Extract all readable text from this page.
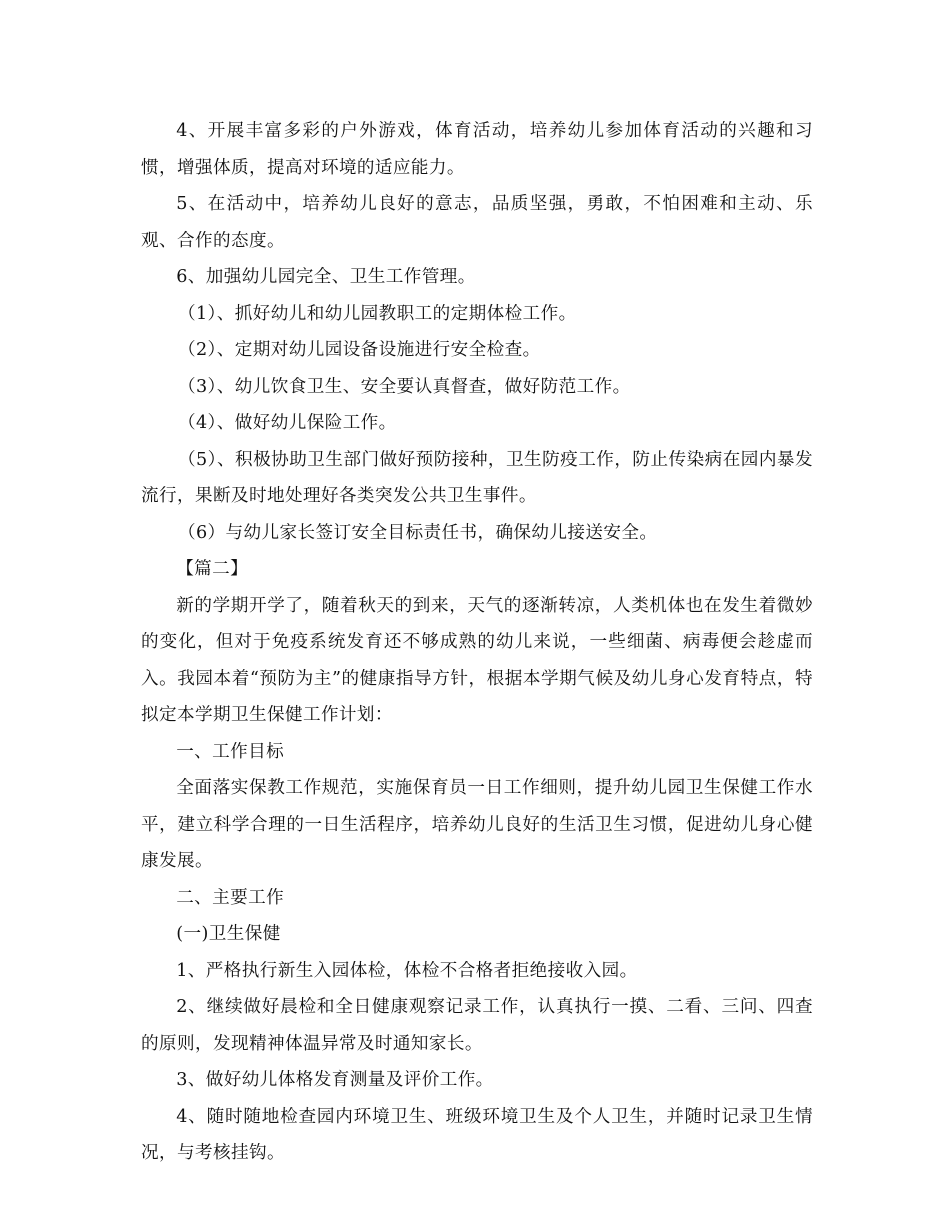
4、开展丰富多彩的户外游戏，体育活动，培养幼儿参加体育活动的兴趣和习惯，增强体质，提高对环境的适应能力。

5、在活动中，培养幼儿良好的意志，品质坚强，勇敢，不怕困难和主动、乐观、合作的态度。

6、加强幼儿园完全、卫生工作管理。

（1）、抓好幼儿和幼儿园教职工的定期体检工作。

（2）、定期对幼儿园设备设施进行安全检查。

（3）、幼儿饮食卫生、安全要认真督查，做好防范工作。

（4）、做好幼儿保险工作。

（5）、积极协助卫生部门做好预防接种，卫生防疫工作，防止传染病在园内暴发流行，果断及时地处理好各类突发公共卫生事件。

（6）与幼儿家长签订安全目标责任书，确保幼儿接送安全。

【篇二】

新的学期开学了，随着秋天的到来，天气的逐渐转凉，人类机体也在发生着微妙的变化，但对于免疫系统发育还不够成熟的幼儿来说，一些细菌、病毒便会趁虚而入。我园本着“预防为主”的健康指导方针，根据本学期气候及幼儿身心发育特点，特拟定本学期卫生保健工作计划：

一、工作目标

全面落实保教工作规范，实施保育员一日工作细则，提升幼儿园卫生保健工作水平，建立科学合理的一日生活程序，培养幼儿良好的生活卫生习惯，促进幼儿身心健康发展。

二、主要工作

(一)卫生保健

1、严格执行新生入园体检，体检不合格者拒绝接收入园。

2、继续做好晨检和全日健康观察记录工作，认真执行一摸、二看、三问、四查的原则，发现精神体温异常及时通知家长。

3、做好幼儿体格发育测量及评价工作。

4、随时随地检查园内环境卫生、班级环境卫生及个人卫生，并随时记录卫生情况，与考核挂钩。
